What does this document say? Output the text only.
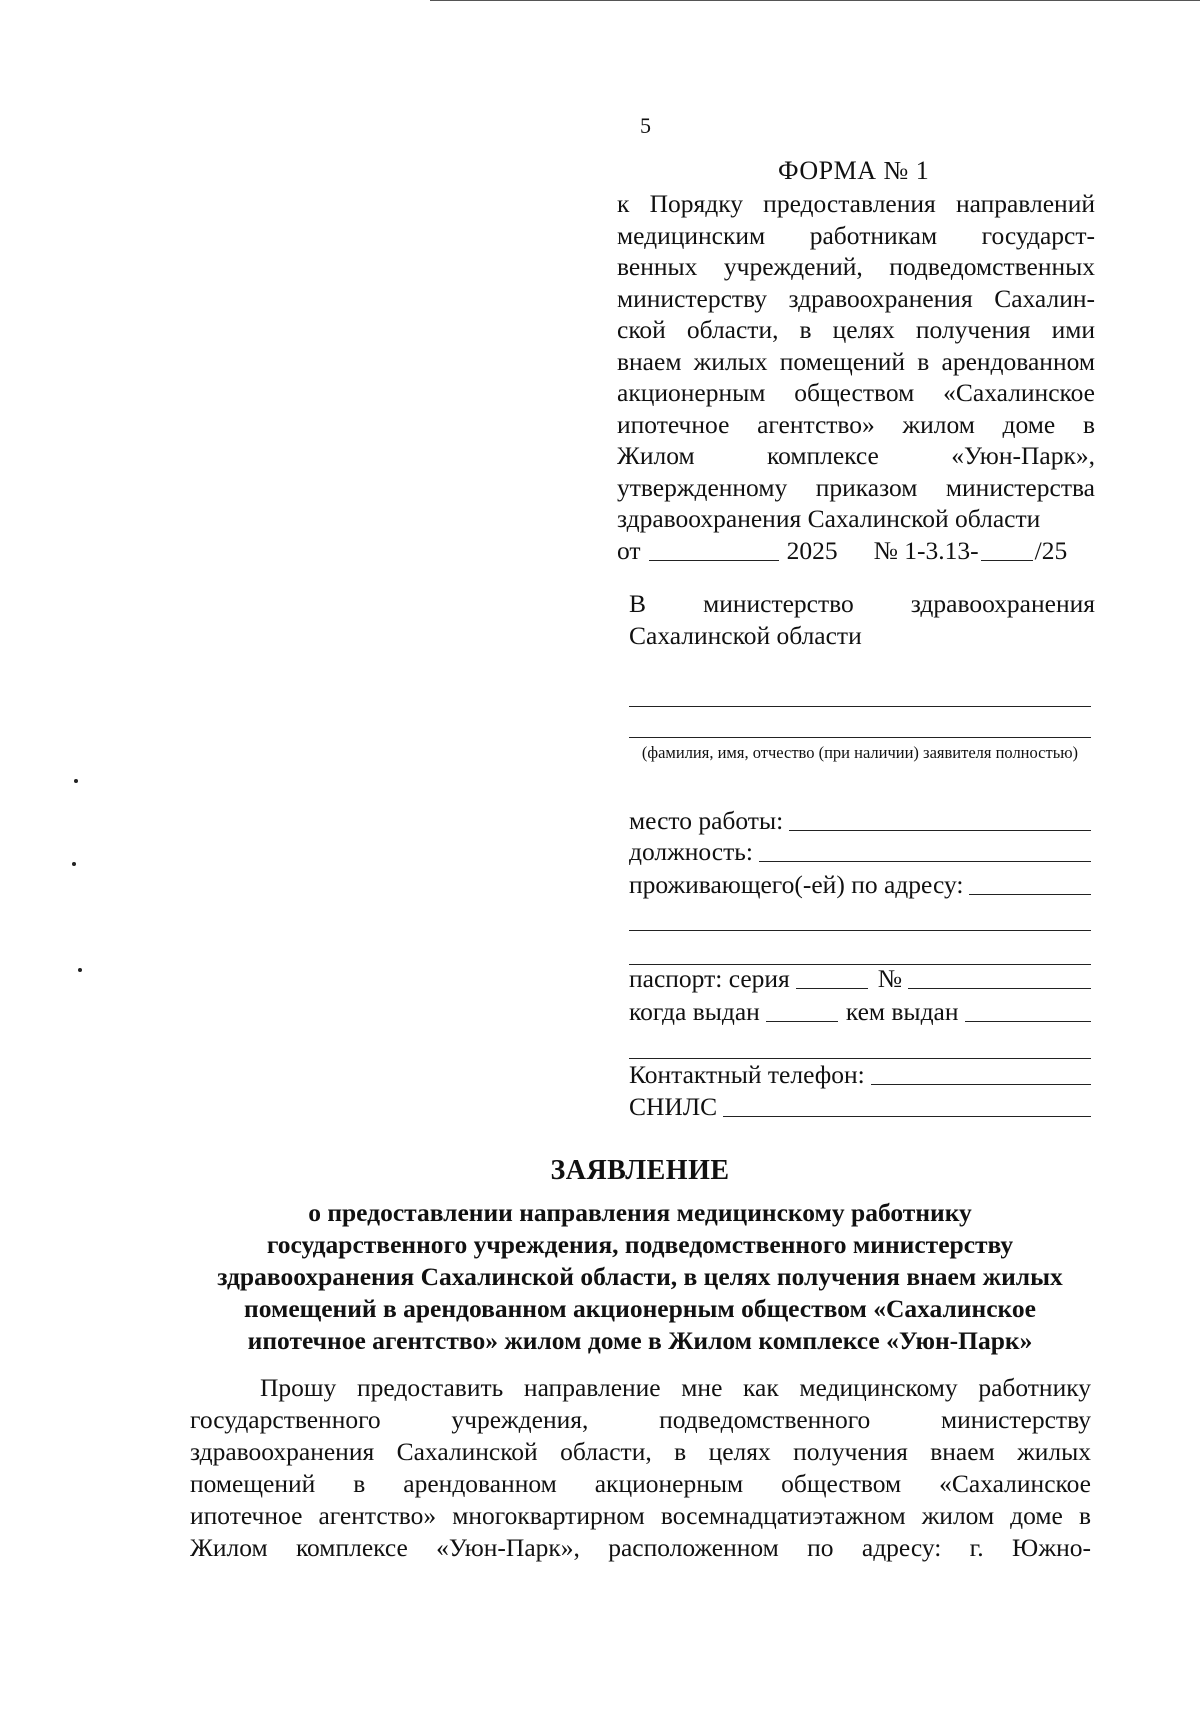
5
ФОРМА № 1
к Порядку предоставления направлений
медицинским работникам государст-
венных учреждений, подведомственных
министерству здравоохранения Сахалин-
ской области, в целях получения ими
внаем жилых помещений в арендованном
акционерным обществом «Сахалинское
ипотечное агентство» жилом доме в
Жилом комплексе «Уюн-Парк»,
утвержденному приказом министерства
здравоохранения Сахалинской области
от	2025 № 1-3.13- /25
В министерство здравоохранения
Сахалинской области
(фамилия, имя, отчество (при наличии) заявителя полностью)
место работы:
должность:
проживающего(-ей) по адресу:
паспорт: серия	№
когда выдан	кем выдан
Контактный телефон:
СНИЛС
ЗАЯВЛЕНИЕ
о предоставлении направления медицинскому работнику
государственного учреждения, подведомственного министерству
здравоохранения Сахалинской области, в целях получения внаем жилых
помещений в арендованном акционерным обществом «Сахалинское
ипотечное агентство» жилом доме в Жилом комплексе «Уюн-Парк»
Прошу предоставить направление мне как медицинскому работнику
государственного учреждения, подведомственного министерству
здравоохранения Сахалинской области, в целях получения внаем жилых
помещений в арендованном акционерным обществом «Сахалинское
ипотечное агентство» многоквартирном восемнадцатиэтажном жилом доме в
Жилом комплексе «Уюн-Парк», расположенном по адресу: г. Южно-
